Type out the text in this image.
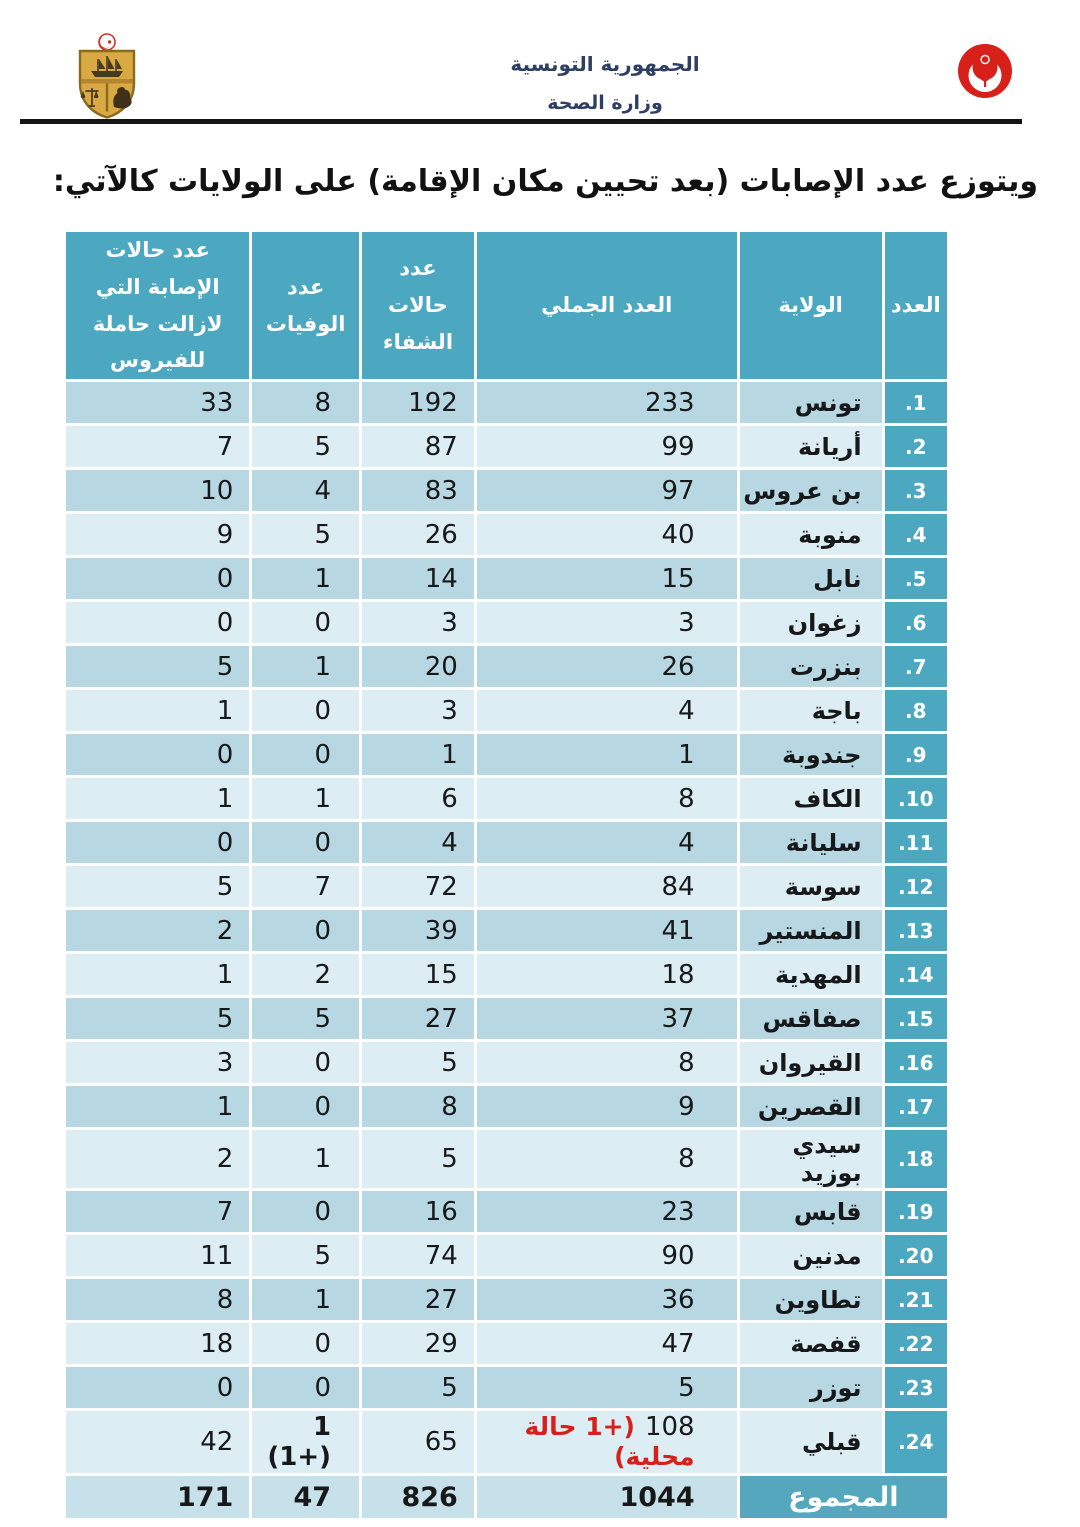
الجمهورية التونسية
وزارة الصحة
ويتوزع عدد الإصابات (بعد تحيين مكان الإقامة) على الولايات كالآتي:
العدد	الولاية	العدد الجملي	عدد حالات الشفاء	عدد الوفيات	عدد حالات الإصابة التي لازالت حاملة للفيروس
1.	تونس	233	192	8	33
2.	أريانة	99	87	5	7
3.	بن عروس	97	83	4	10
4.	منوبة	40	26	5	9
5.	نابل	15	14	1	0
6.	زغوان	3	3	0	0
7.	بنزرت	26	20	1	5
8.	باجة	4	3	0	1
9.	جندوبة	1	1	0	0
10.	الكاف	8	6	1	1
11.	سليانة	4	4	0	0
12.	سوسة	84	72	7	5
13.	المنستير	41	39	0	2
14.	المهدية	18	15	2	1
15.	صفاقس	37	27	5	5
16.	القيروان	8	5	0	3
17.	القصرين	9	8	0	1
18.	سيدي بوزيد	8	5	1	2
19.	قابس	23	16	0	7
20.	مدنين	90	74	5	11
21.	تطاوين	36	27	1	8
22.	قفصة	47	29	0	18
23.	توزر	5	5	0	0
24.	قبلي	108(+1 حالة محلية)	65	1 (+1)	42
المجموع		1044	826	47	171
